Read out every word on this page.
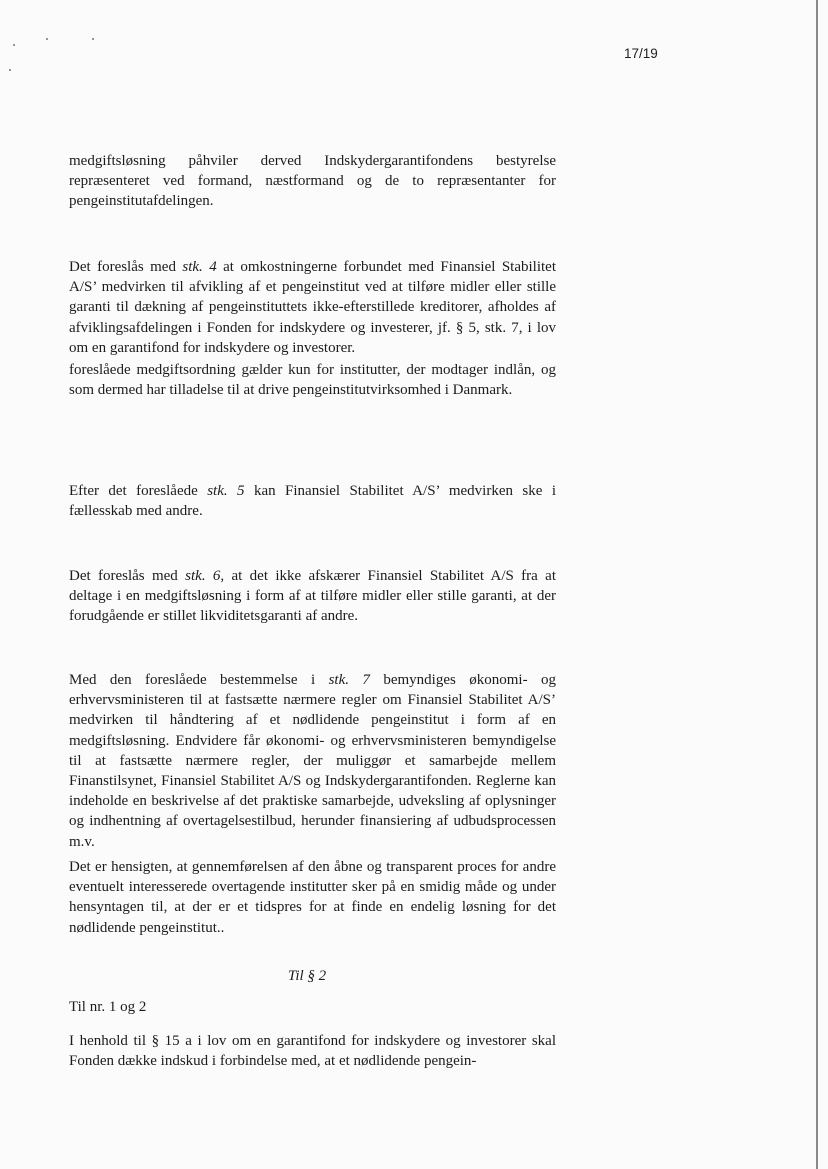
17/19

medgiftsløsning påhviler derved Indskydergarantifondens bestyrelse repræsenteret ved formand, næstformand og de to repræsentanter for pengeinstitutafdelingen.

Det foreslås med stk. 4 at omkostningerne forbundet med Finansiel Stabilitet A/S’ medvirken til afvikling af et pengeinstitut ved at tilføre midler eller stille garanti til dækning af pengeinstituttets ikke-efterstillede kreditorer, afholdes af afviklingsafdelingen i Fonden for indskydere og investerer, jf. § 5, stk. 7, i lov om en garantifond for indskydere og investorer.

foreslåede medgiftsordning gælder kun for institutter, der modtager indlån, og som dermed har tilladelse til at drive pengeinstitutvirksomhed i Danmark.

Efter det foreslåede stk. 5 kan Finansiel Stabilitet A/S’ medvirken ske i fællesskab med andre.

Det foreslås med stk. 6, at det ikke afskærer Finansiel Stabilitet A/S fra at deltage i en medgiftsløsning i form af at tilføre midler eller stille garanti, at der forudgående er stillet likviditetsgaranti af andre.

Med den foreslåede bestemmelse i stk. 7 bemyndiges økonomi- og erhvervsministeren til at fastsætte nærmere regler om Finansiel Stabilitet A/S’ medvirken til håndtering af et nødlidende pengeinstitut i form af en medgiftsløsning. Endvidere får økonomi- og erhvervsministeren bemyndigelse til at fastsætte nærmere regler, der muliggør et samarbejde mellem Finanstilsynet, Finansiel Stabilitet A/S og Indskydergarantifonden. Reglerne kan indeholde en beskrivelse af det praktiske samarbejde, udveksling af oplysninger og indhentning af overtagelsestilbud, herunder finansiering af udbudsprocessen m.v.

Det er hensigten, at gennemførelsen af den åbne og transparent proces for andre eventuelt interesserede overtagende institutter sker på en smidig måde og under hensyntagen til, at der er et tidspres for at finde en endelig løsning for det nødlidende pengeinstitut..

Til § 2

Til nr. 1 og 2

I henhold til § 15 a i lov om en garantifond for indskydere og investorer skal Fonden dække indskud i forbindelse med, at et nødlidende pengein-
